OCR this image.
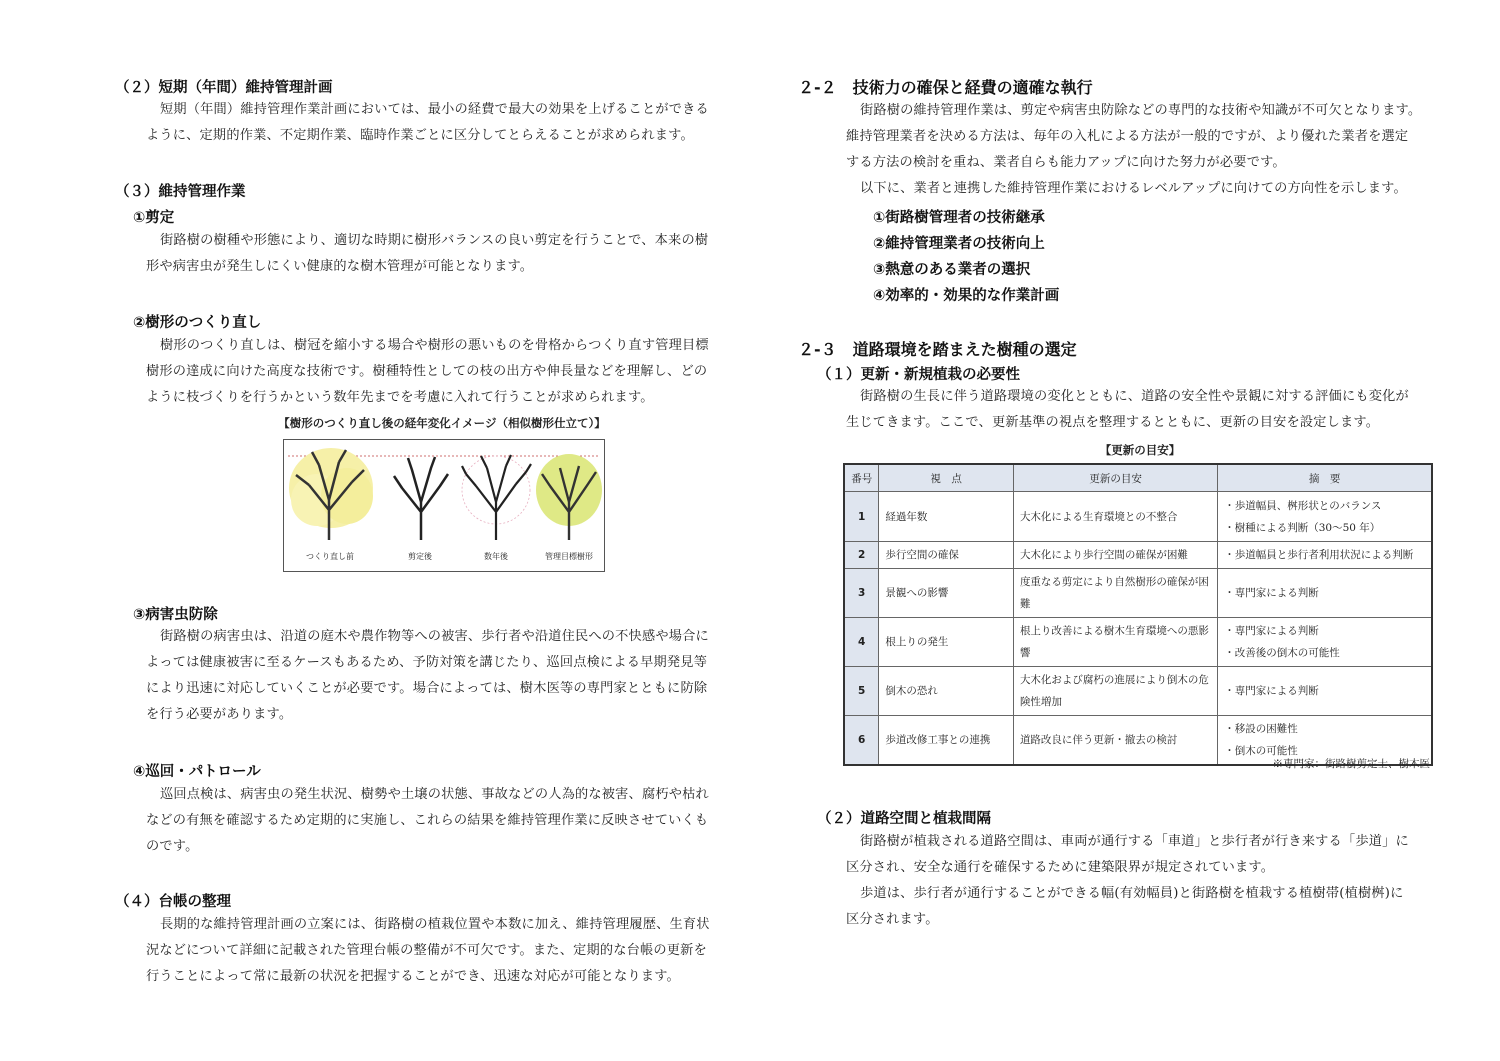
（２）短期（年間）維持管理計画
短期（年間）維持管理作業計画においては、最小の経費で最大の効果を上げることができる
ように、定期的作業、不定期作業、臨時作業ごとに区分してとらえることが求められます。
（３）維持管理作業
①剪定
街路樹の樹種や形態により、適切な時期に樹形バランスの良い剪定を行うことで、本来の樹
形や病害虫が発生しにくい健康的な樹木管理が可能となります。
②樹形のつくり直し
樹形のつくり直しは、樹冠を縮小する場合や樹形の悪いものを骨格からつくり直す管理目標
樹形の達成に向けた高度な技術です。樹種特性としての枝の出方や伸長量などを理解し、どの
ように枝づくりを行うかという数年先までを考慮に入れて行うことが求められます。
【樹形のつくり直し後の経年変化イメージ（相似樹形仕立て）】
つくり直し前	剪定後	数年後	管理目標樹形
③病害虫防除
街路樹の病害虫は、沿道の庭木や農作物等への被害、歩行者や沿道住民への不快感や場合に
よっては健康被害に至るケースもあるため、予防対策を講じたり、巡回点検による早期発見等
により迅速に対応していくことが必要です。場合によっては、樹木医等の専門家とともに防除
を行う必要があります。
④巡回・パトロール
巡回点検は、病害虫の発生状況、樹勢や土壌の状態、事故などの人為的な被害、腐朽や枯れ
などの有無を確認するため定期的に実施し、これらの結果を維持管理作業に反映させていくも
のです。
（４）台帳の整理
長期的な維持管理計画の立案には、街路樹の植栽位置や本数に加え、維持管理履歴、生育状
況などについて詳細に記載された管理台帳の整備が不可欠です。また、定期的な台帳の更新を
行うことによって常に最新の状況を把握することができ、迅速な対応が可能となります。
２-２　技術力の確保と経費の適確な執行
街路樹の維持管理作業は、剪定や病害虫防除などの専門的な技術や知識が不可欠となります。
維持管理業者を決める方法は、毎年の入札による方法が一般的ですが、より優れた業者を選定
する方法の検討を重ね、業者自らも能力アップに向けた努力が必要です。
以下に、業者と連携した維持管理作業におけるレベルアップに向けての方向性を示します。
①街路樹管理者の技術継承
②維持管理業者の技術向上
③熱意のある業者の選択
④効率的・効果的な作業計画
２-３　道路環境を踏まえた樹種の選定
（１）更新・新規植栽の必要性
街路樹の生長に伴う道路環境の変化とともに、道路の安全性や景観に対する評価にも変化が
生じてきます。ここで、更新基準の視点を整理するとともに、更新の目安を設定します。
【更新の目安】
番号	視　点	更新の目安	摘　要
1	経過年数	大木化による生育環境との不整合	・歩道幅員、桝形状とのバランス
・樹種による判断（30～50 年）

2	歩行空間の確保	大木化により歩行空間の確保が困難	・歩道幅員と歩行者利用状況による判断

3	景観への影響	度重なる剪定により自然樹形の確保が困難	・専門家による判断

4	根上りの発生	根上り改善による樹木生育環境への悪影響	・専門家による判断
・改善後の倒木の可能性

5	倒木の恐れ	大木化および腐朽の進展により倒木の危険性増加	・専門家による判断

6	歩道改修工事との連携	道路改良に伴う更新・撤去の検討	・移設の困難性
・倒木の可能性
※専門家：街路樹剪定士、樹木医
（２）道路空間と植栽間隔
街路樹が植栽される道路空間は、車両が通行する「車道」と歩行者が行き来する「歩道」に
区分され、安全な通行を確保するために建築限界が規定されています。
歩道は、歩行者が通行することができる幅(有効幅員)と街路樹を植栽する植樹帯(植樹桝)に
区分されます。
